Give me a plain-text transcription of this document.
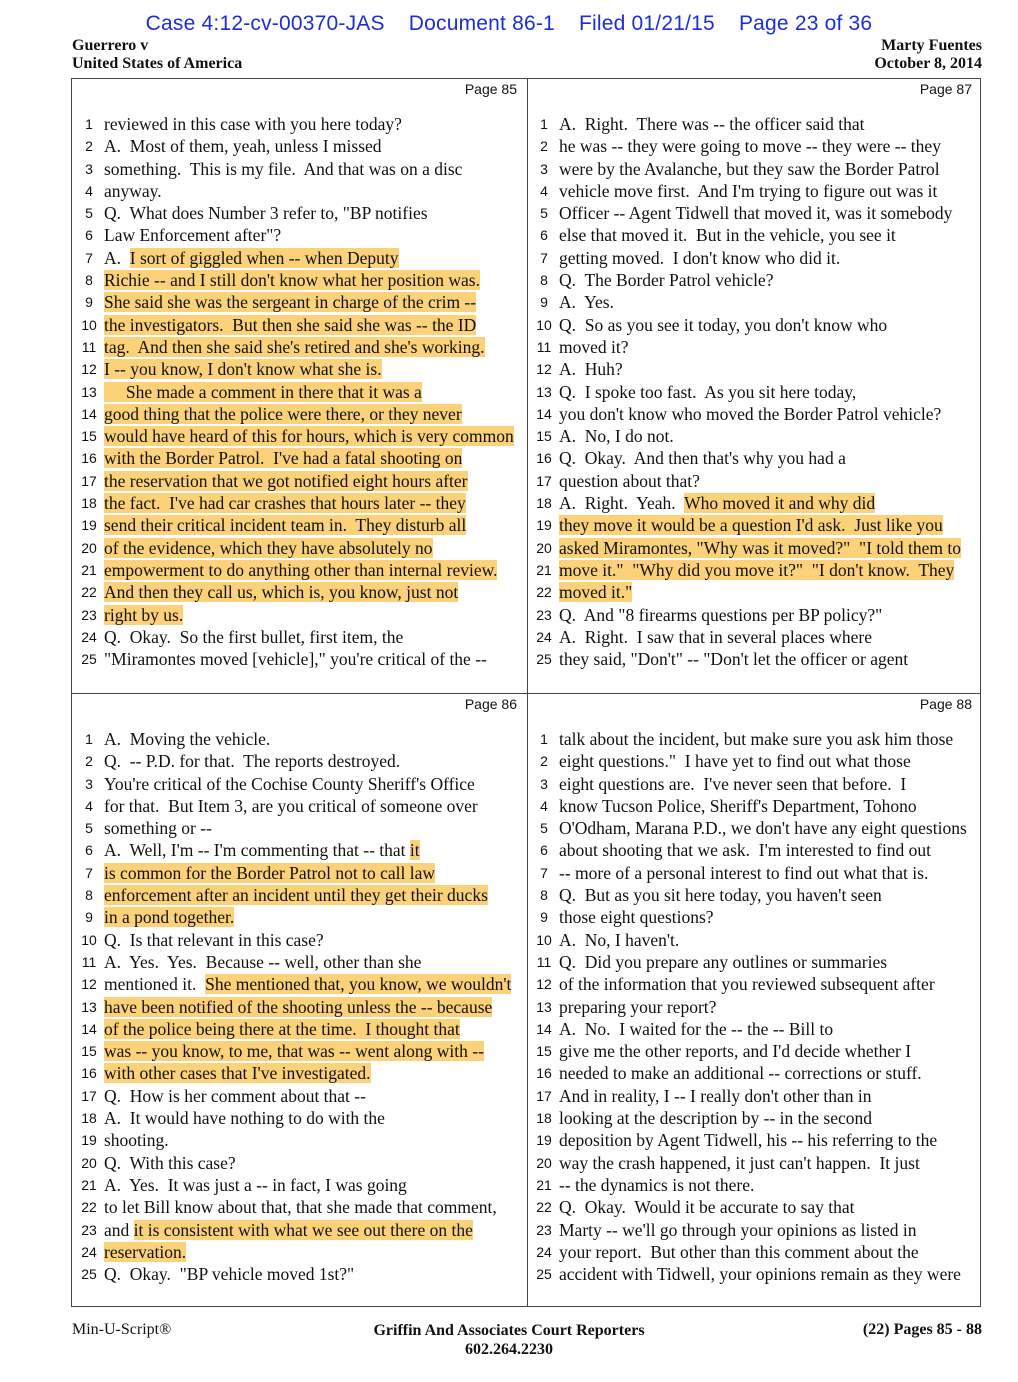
Case 4:12-cv-00370-JAS Document 86-1 Filed 01/21/15 Page 23 of 36
Guerrero v
United States of America
Marty Fuentes
October 8, 2014
Page 85
1 reviewed in this case with you here today?
2 A.  Most of them, yeah, unless I missed
3 something.  This is my file.  And that was on a disc
4 anyway.
5 Q.  What does Number 3 refer to, "BP notifies
6 Law Enforcement after"?
7 A.  I sort of giggled when -- when Deputy
8 Richie -- and I still don't know what her position was.
9 She said she was the sergeant in charge of the crim --
10 the investigators.  But then she said she was -- the ID
11 tag.  And then she said she's retired and she's working.
12 I -- you know, I don't know what she is.
13 She made a comment in there that it was a
14 good thing that the police were there, or they never
15 would have heard of this for hours, which is very common
16 with the Border Patrol.  I've had a fatal shooting on
17 the reservation that we got notified eight hours after
18 the fact.  I've had car crashes that hours later -- they
19 send their critical incident team in.  They disturb all
20 of the evidence, which they have absolutely no
21 empowerment to do anything other than internal review.
22 And then they call us, which is, you know, just not
23 right by us.
24 Q.  Okay.  So the first bullet, first item, the
25 "Miramontes moved [vehicle]," you're critical of the --
Page 87
1 A.  Right.  There was -- the officer said that
2 he was -- they were going to move -- they were -- they
3 were by the Avalanche, but they saw the Border Patrol
4 vehicle move first.  And I'm trying to figure out was it
5 Officer -- Agent Tidwell that moved it, was it somebody
6 else that moved it.  But in the vehicle, you see it
7 getting moved.  I don't know who did it.
8 Q.  The Border Patrol vehicle?
9 A.  Yes.
10 Q.  So as you see it today, you don't know who
11 moved it?
12 A.  Huh?
13 Q.  I spoke too fast.  As you sit here today,
14 you don't know who moved the Border Patrol vehicle?
15 A.  No, I do not.
16 Q.  Okay.  And then that's why you had a
17 question about that?
18 A.  Right.  Yeah.  Who moved it and why did
19 they move it would be a question I'd ask.  Just like you
20 asked Miramontes, "Why was it moved?"  "I told them to
21 move it."  "Why did you move it?"  "I don't know.  They
22 moved it."
23 Q.  And "8 firearms questions per BP policy?"
24 A.  Right.  I saw that in several places where
25 they said, "Don't" -- "Don't let the officer or agent
Page 86
1 A.  Moving the vehicle.
2 Q.  -- P.D. for that.  The reports destroyed.
3 You're critical of the Cochise County Sheriff's Office
4 for that.  But Item 3, are you critical of someone over
5 something or --
6 A.  Well, I'm -- I'm commenting that -- that it
7 is common for the Border Patrol not to call law
8 enforcement after an incident until they get their ducks
9 in a pond together.
10 Q.  Is that relevant in this case?
11 A.  Yes.  Yes.  Because -- well, other than she
12 mentioned it.  She mentioned that, you know, we wouldn't
13 have been notified of the shooting unless the -- because
14 of the police being there at the time.  I thought that
15 was -- you know, to me, that was -- went along with --
16 with other cases that I've investigated.
17 Q.  How is her comment about that --
18 A.  It would have nothing to do with the
19 shooting.
20 Q.  With this case?
21 A.  Yes.  It was just a -- in fact, I was going
22 to let Bill know about that, that she made that comment,
23 and it is consistent with what we see out there on the
24 reservation.
25 Q.  Okay.  "BP vehicle moved 1st?"
Page 88
1 talk about the incident, but make sure you ask him those
2 eight questions."  I have yet to find out what those
3 eight questions are.  I've never seen that before.  I
4 know Tucson Police, Sheriff's Department, Tohono
5 O'Odham, Marana P.D., we don't have any eight questions
6 about shooting that we ask.  I'm interested to find out
7 -- more of a personal interest to find out what that is.
8 Q.  But as you sit here today, you haven't seen
9 those eight questions?
10 A.  No, I haven't.
11 Q.  Did you prepare any outlines or summaries
12 of the information that you reviewed subsequent after
13 preparing your report?
14 A.  No.  I waited for the -- the -- Bill to
15 give me the other reports, and I'd decide whether I
16 needed to make an additional -- corrections or stuff.
17 And in reality, I -- I really don't other than in
18 looking at the description by -- in the second
19 deposition by Agent Tidwell, his -- his referring to the
20 way the crash happened, it just can't happen.  It just
21 -- the dynamics is not there.
22 Q.  Okay.  Would it be accurate to say that
23 Marty -- we'll go through your opinions as listed in
24 your report.  But other than this comment about the
25 accident with Tidwell, your opinions remain as they were
Min-U-Script®	Griffin And Associates Court Reporters
602.264.2230
(22) Pages 85 - 88
